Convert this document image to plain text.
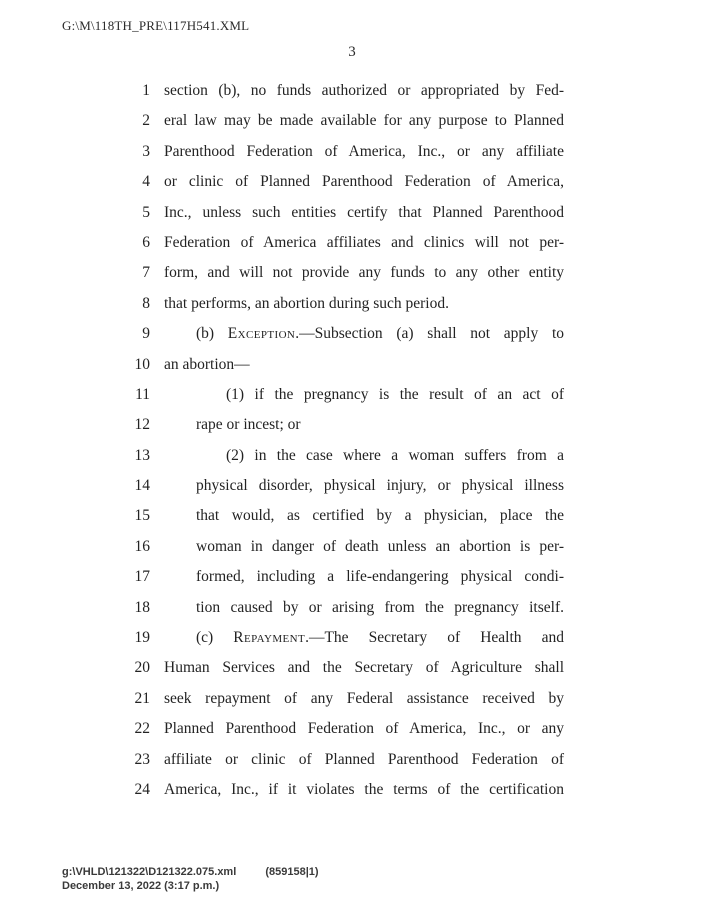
G:\M\118TH_PRE\117H541.XML
3
1 section (b), no funds authorized or appropriated by Fed-
2 eral law may be made available for any purpose to Planned
3 Parenthood Federation of America, Inc., or any affiliate
4 or clinic of Planned Parenthood Federation of America,
5 Inc., unless such entities certify that Planned Parenthood
6 Federation of America affiliates and clinics will not per-
7 form, and will not provide any funds to any other entity
8 that performs, an abortion during such period.
9	(b) Exception.—Subsection (a) shall not apply to
10 an abortion—
11	(1) if the pregnancy is the result of an act of
12	rape or incest; or
13	(2) in the case where a woman suffers from a
14	physical disorder, physical injury, or physical illness
15	that would, as certified by a physician, place the
16	woman in danger of death unless an abortion is per-
17	formed, including a life-endangering physical condi-
18	tion caused by or arising from the pregnancy itself.
19	(c) Repayment.—The Secretary of Health and
20 Human Services and the Secretary of Agriculture shall
21 seek repayment of any Federal assistance received by
22 Planned Parenthood Federation of America, Inc., or any
23 affiliate or clinic of Planned Parenthood Federation of
24 America, Inc., if it violates the terms of the certification
g:\VHLD\121322\D121322.075.xml	(859158|1)
December 13, 2022 (3:17 p.m.)
